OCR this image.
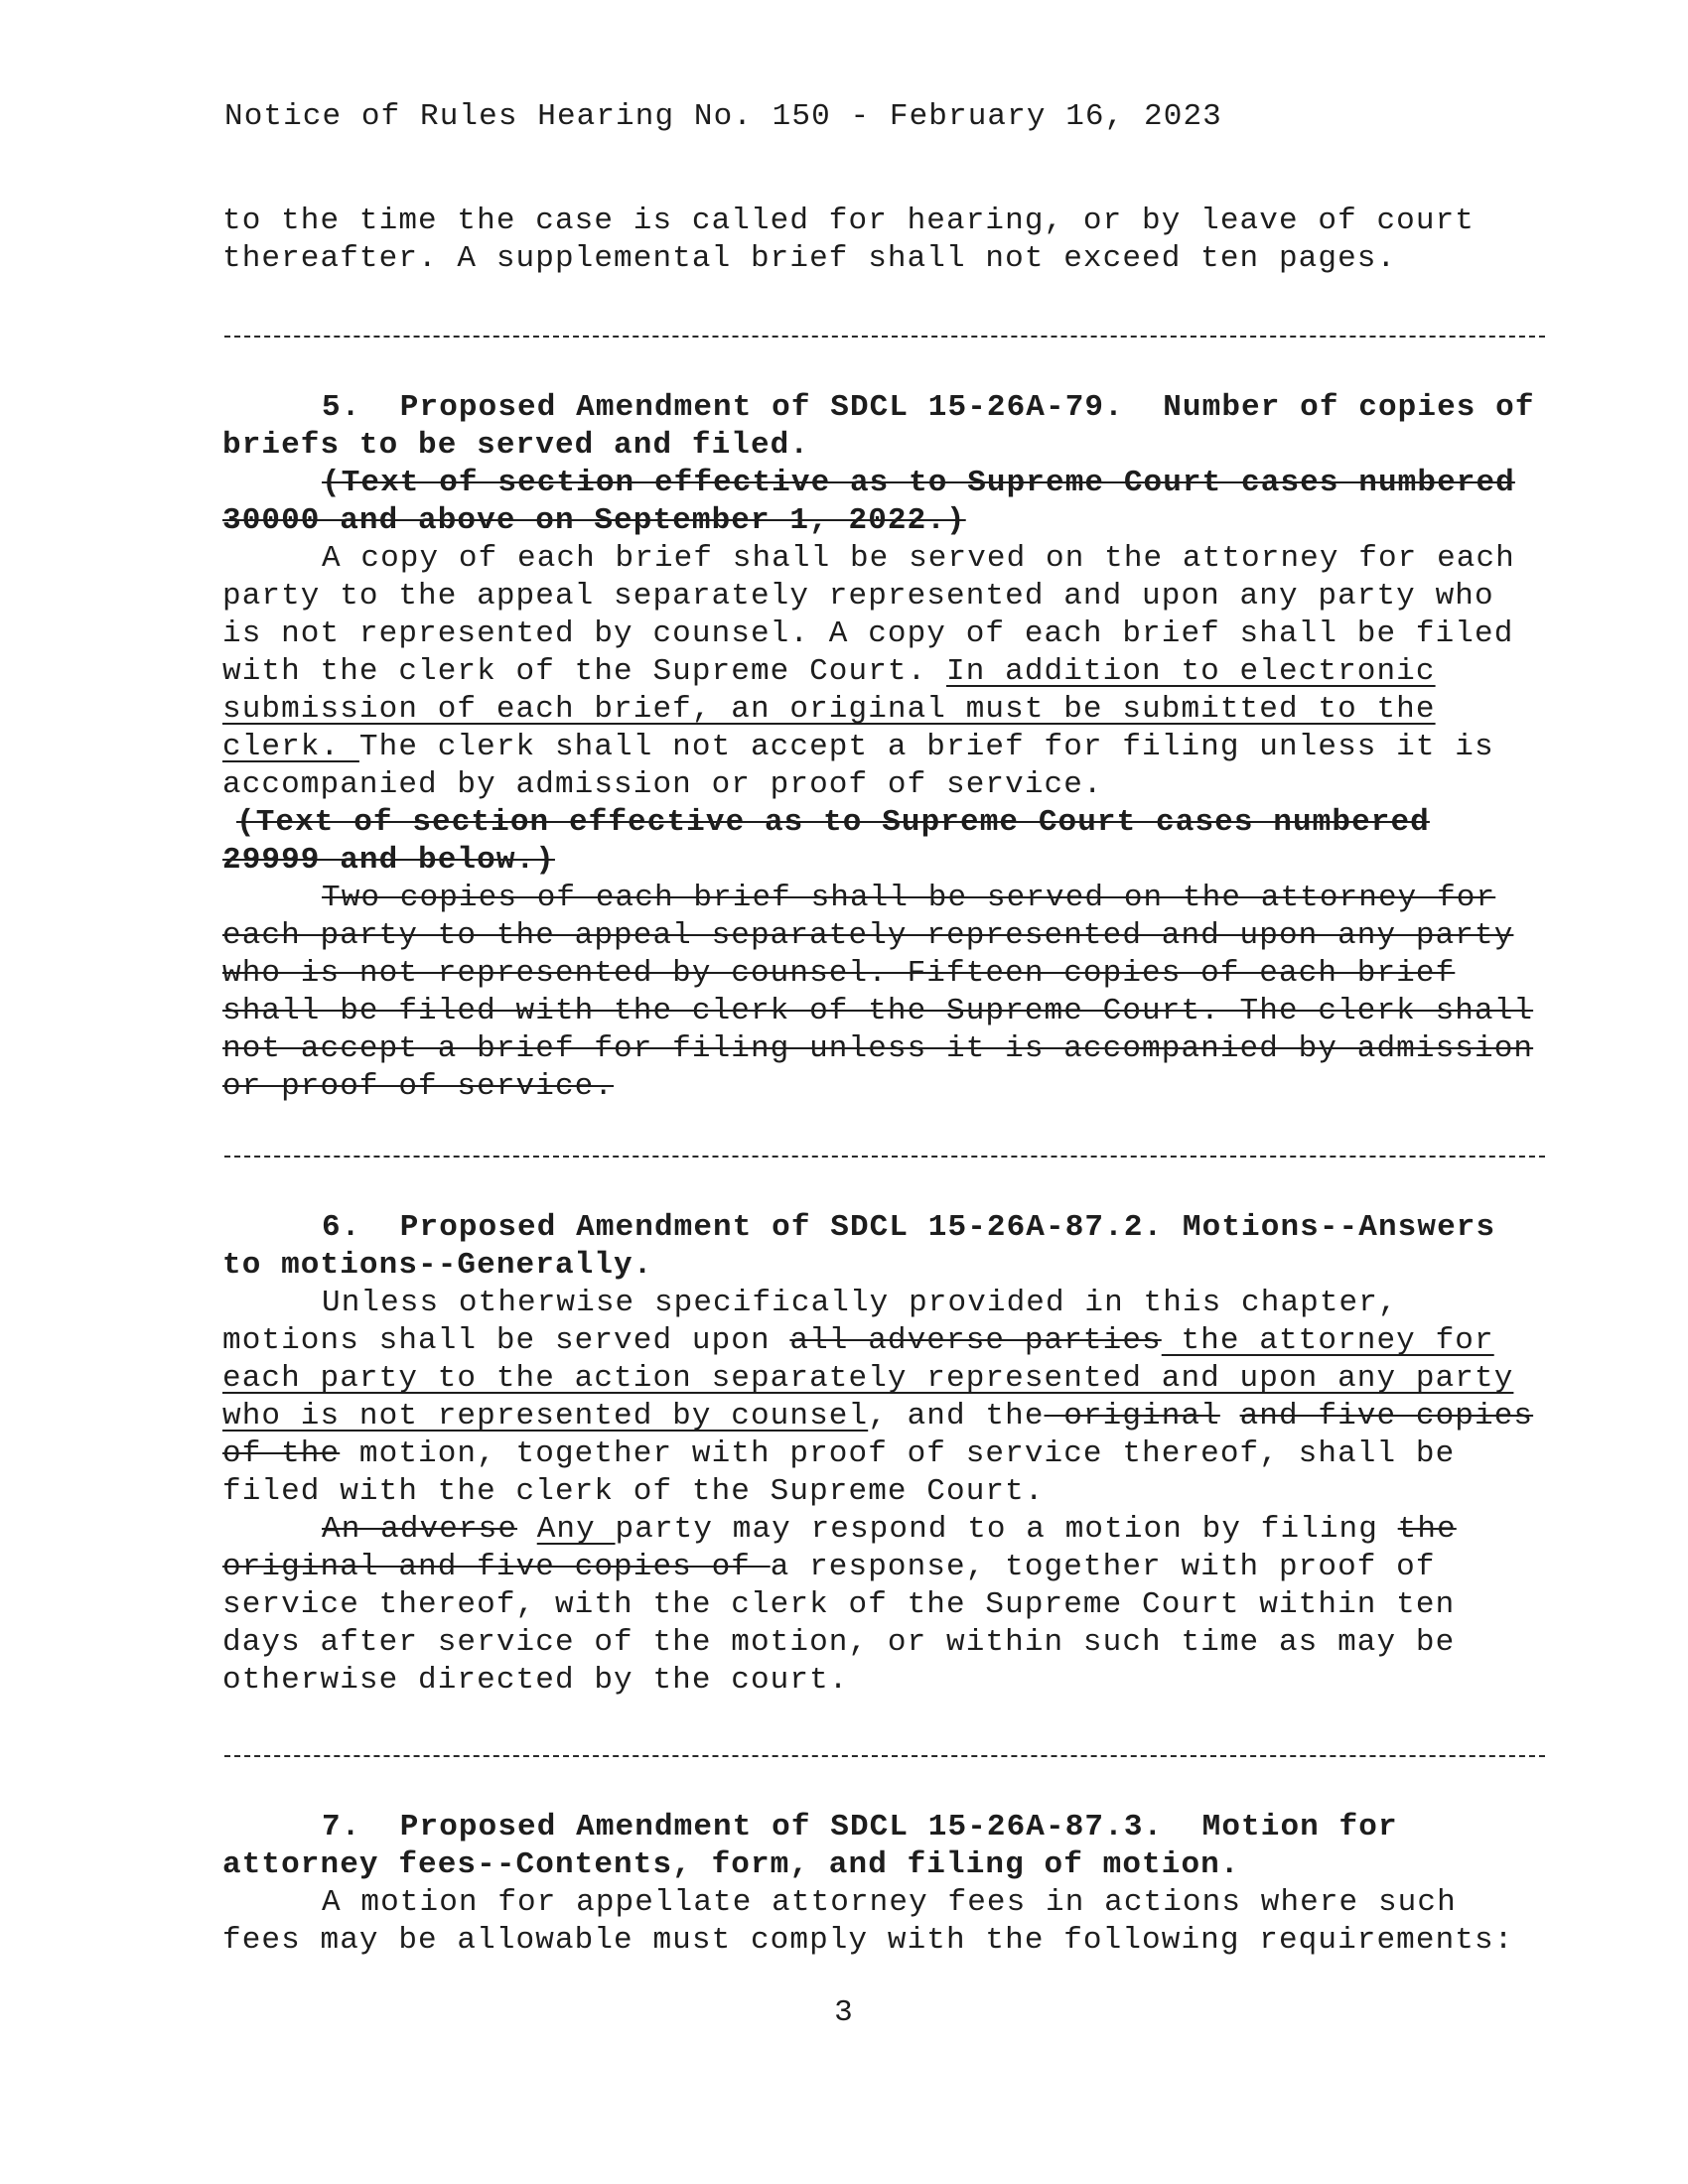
Notice of Rules Hearing No. 150 - February 16, 2023
to the time the case is called for hearing, or by leave of court
thereafter. A supplemental brief shall not exceed ten pages.
5.  Proposed Amendment of SDCL 15-26A-79.  Number of copies of
briefs to be served and filed.
(Text of section effective as to Supreme Court cases numbered
30000 and above on September 1, 2022.)
A copy of each brief shall be served on the attorney for each
party to the appeal separately represented and upon any party who
is not represented by counsel. A copy of each brief shall be filed
with the clerk of the Supreme Court. In addition to electronic
submission of each brief, an original must be submitted to the
clerk. The clerk shall not accept a brief for filing unless it is
accompanied by admission or proof of service.
(Text of section effective as to Supreme Court cases numbered
29999 and below.)
Two copies of each brief shall be served on the attorney for
each party to the appeal separately represented and upon any party
who is not represented by counsel. Fifteen copies of each brief
shall be filed with the clerk of the Supreme Court. The clerk shall
not accept a brief for filing unless it is accompanied by admission
or proof of service.
6.  Proposed Amendment of SDCL 15-26A-87.2. Motions--Answers
to motions--Generally.
Unless otherwise specifically provided in this chapter,
motions shall be served upon all adverse parties the attorney for
each party to the action separately represented and upon any party
who is not represented by counsel, and the original and five copies
of the motion, together with proof of service thereof, shall be
filed with the clerk of the Supreme Court.
An adverse Any party may respond to a motion by filing the
original and five copies of a response, together with proof of
service thereof, with the clerk of the Supreme Court within ten
days after service of the motion, or within such time as may be
otherwise directed by the court.
7.  Proposed Amendment of SDCL 15-26A-87.3.  Motion for
attorney fees--Contents, form, and filing of motion.
A motion for appellate attorney fees in actions where such
fees may be allowable must comply with the following requirements:
3
